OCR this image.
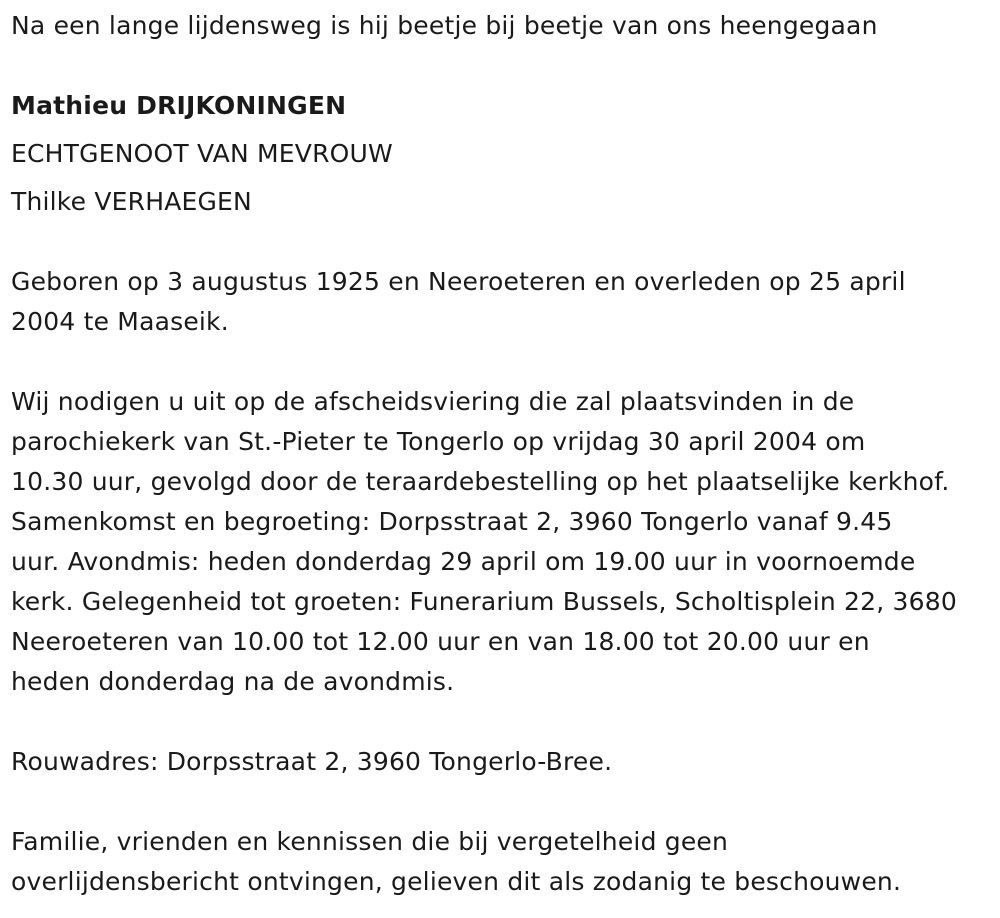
Na een lange lijdensweg is hij beetje bij beetje van ons heengegaan
Mathieu DRIJKONINGEN
ECHTGENOOT VAN MEVROUW
Thilke VERHAEGEN
Geboren op 3 augustus 1925 en Neeroeteren en overleden op 25 april
2004 te Maaseik.
Wij nodigen u uit op de afscheidsviering die zal plaatsvinden in de
parochiekerk van St.-Pieter te Tongerlo op vrijdag 30 april 2004 om
10.30 uur, gevolgd door de teraardebestelling op het plaatselijke kerkhof.
Samenkomst en begroeting: Dorpsstraat 2, 3960 Tongerlo vanaf 9.45
uur. Avondmis: heden donderdag 29 april om 19.00 uur in voornoemde
kerk. Gelegenheid tot groeten: Funerarium Bussels, Scholtisplein 22, 3680
Neeroeteren van 10.00 tot 12.00 uur en van 18.00 tot 20.00 uur en
heden donderdag na de avondmis.
Rouwadres: Dorpsstraat 2, 3960 Tongerlo-Bree.
Familie, vrienden en kennissen die bij vergetelheid geen
overlijdensbericht ontvingen, gelieven dit als zodanig te beschouwen.
